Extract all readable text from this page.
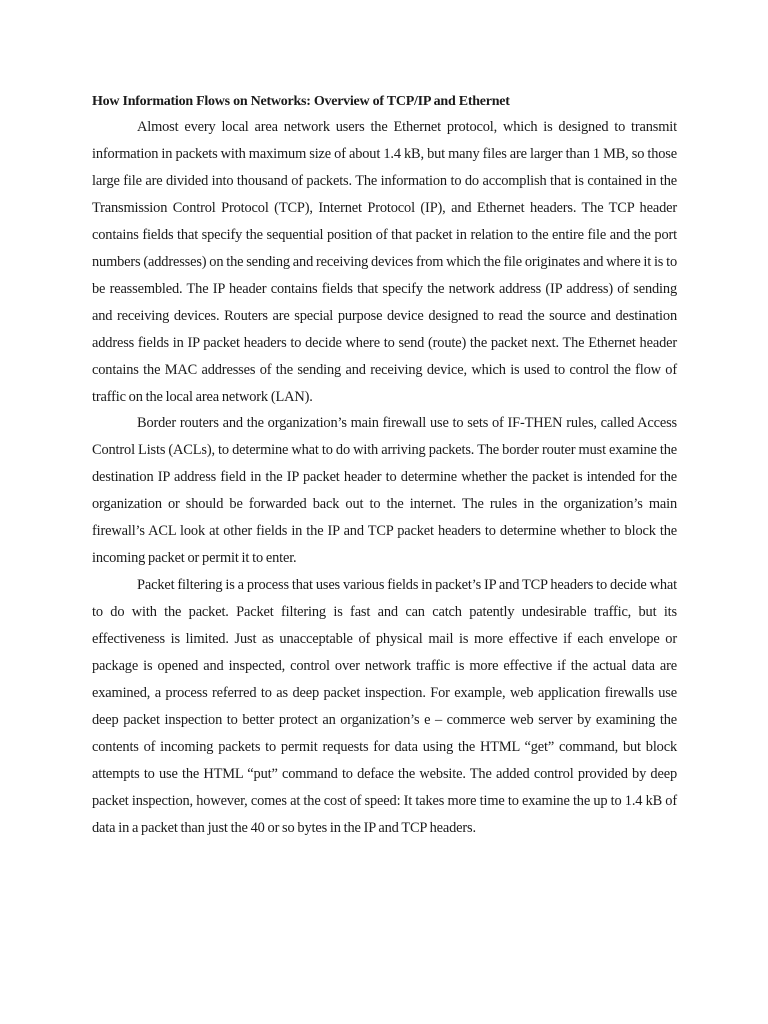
How Information Flows on Networks: Overview of TCP/IP and Ethernet

Almost every local area network users the Ethernet protocol, which is designed to transmit information in packets with maximum size of about 1.4 kB, but many files are larger than 1 MB, so those large file are divided into thousand of packets. The information to do accomplish that is contained in the Transmission Control Protocol (TCP), Internet Protocol (IP), and Ethernet headers. The TCP header contains fields that specify the sequential position of that packet in relation to the entire file and the port numbers (addresses) on the sending and receiving devices from which the file originates and where it is to be reassembled. The IP header contains fields that specify the network address (IP address) of sending and receiving devices. Routers are special purpose device designed to read the source and destination address fields in IP packet headers to decide where to send (route) the packet next. The Ethernet header contains the MAC addresses of the sending and receiving device, which is used to control the flow of traffic on the local area network (LAN).

Border routers and the organization’s main firewall use to sets of IF-THEN rules, called Access Control Lists (ACLs), to determine what to do with arriving packets. The border router must examine the destination IP address field in the IP packet header to determine whether the packet is intended for the organization or should be forwarded back out to the internet. The rules in the organization’s main firewall’s ACL look at other fields in the IP and TCP packet headers to determine whether to block the incoming packet or permit it to enter.

Packet filtering is a process that uses various fields in packet’s IP and TCP headers to decide what to do with the packet. Packet filtering is fast and can catch patently undesirable traffic, but its effectiveness is limited. Just as unacceptable of physical mail is more effective if each envelope or package is opened and inspected, control over network traffic is more effective if the actual data are examined, a process referred to as deep packet inspection. For example, web application firewalls use deep packet inspection to better protect an organization’s e – commerce web server by examining the contents of incoming packets to permit requests for data using the HTML “get” command, but block attempts to use the HTML “put” command to deface the website. The added control provided by deep packet inspection, however, comes at the cost of speed: It takes more time to examine the up to 1.4 kB of data in a packet than just the 40 or so bytes in the IP and TCP headers.
